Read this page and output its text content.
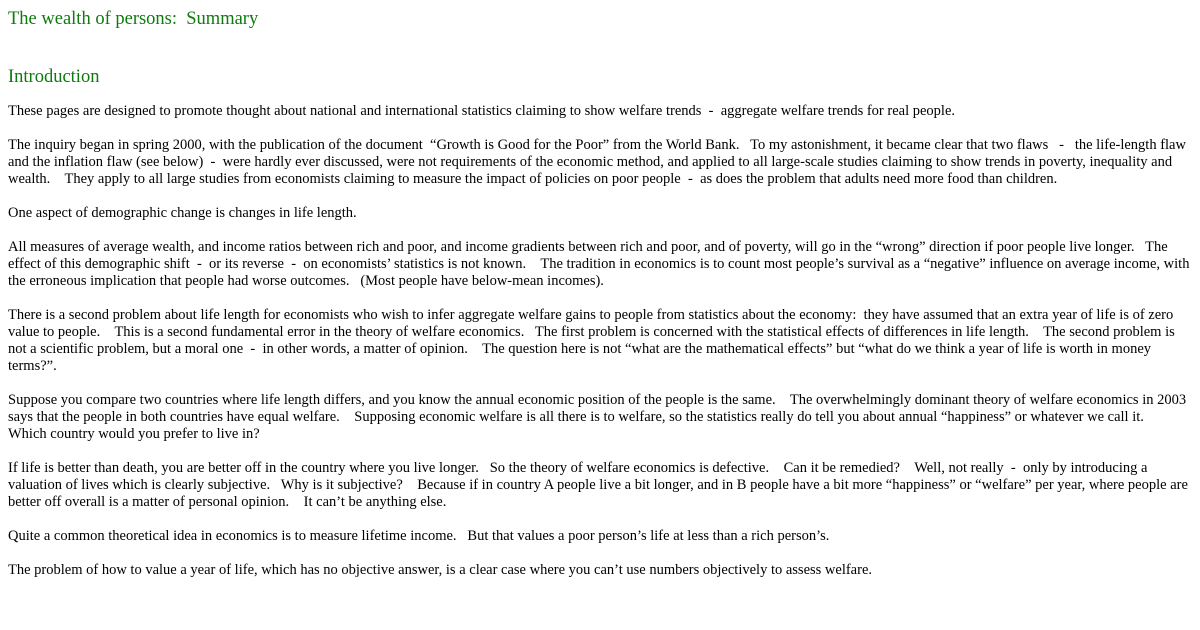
The wealth of persons:  Summary
Introduction

These pages are designed to promote thought about national and international statistics claiming to show welfare trends  -  aggregate welfare trends for real people.

The inquiry began in spring 2000, with the publication of the document  “Growth is Good for the Poor” from the World Bank.   To my astonishment, it became clear that two flaws   -   the life-length flaw and the inflation flaw (see below)  -  were hardly ever discussed, were not requirements of the economic method, and applied to all large-scale studies claiming to show trends in poverty, inequality and wealth.    They apply to all large studies from economists claiming to measure the impact of policies on poor people  -  as does the problem that adults need more food than children.

One aspect of demographic change is changes in life length.

All measures of average wealth, and income ratios between rich and poor, and income gradients between rich and poor, and of poverty, will go in the “wrong” direction if poor people live longer.   The effect of this demographic shift  -  or its reverse  -  on economists’ statistics is not known.    The tradition in economics is to count most people’s survival as a “negative” influence on average income, with the erroneous implication that people had worse outcomes.   (Most people have below-mean incomes).

There is a second problem about life length for economists who wish to infer aggregate welfare gains to people from statistics about the economy:  they have assumed that an extra year of life is of zero value to people.    This is a second fundamental error in the theory of welfare economics.   The first problem is concerned with the statistical effects of differences in life length.    The second problem is not a scientific problem, but a moral one  -  in other words, a matter of opinion.    The question here is not “what are the mathematical effects” but “what do we think a year of life is worth in money terms?”.

Suppose you compare two countries where life length differs, and you know the annual economic position of the people is the same.    The overwhelmingly dominant theory of welfare economics in 2003 says that the people in both countries have equal welfare.    Supposing economic welfare is all there is to welfare, so the statistics really do tell you about annual “happiness” or whatever we call it.    Which country would you prefer to live in?

If life is better than death, you are better off in the country where you live longer.   So the theory of welfare economics is defective.    Can it be remedied?    Well, not really  -  only by introducing a valuation of lives which is clearly subjective.   Why is it subjective?    Because if in country A people live a bit longer, and in B people have a bit more “happiness” or “welfare” per year, where people are better off overall is a matter of personal opinion.    It can’t be anything else.

Quite a common theoretical idea in economics is to measure lifetime income.   But that values a poor person’s life at less than a rich person’s.

The problem of how to value a year of life, which has no objective answer, is a clear case where you can’t use numbers objectively to assess welfare.
